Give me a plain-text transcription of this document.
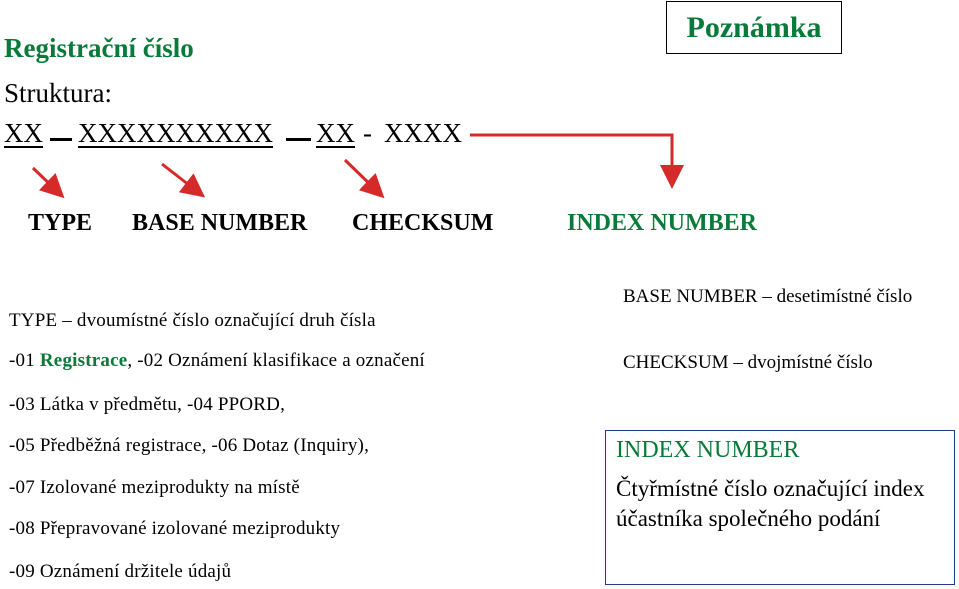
Registrační číslo
Struktura:
Poznámka
XX XXXXXXXXXX XX - XXXX
TYPE BASE NUMBER CHECKSUM	INDEX NUMBER
TYPE – dvoumístné číslo označující druh čísla
-01 Registrace, -02 Oznámení klasifikace a označení
-03 Látka v předmětu, -04 PPORD,
-05 Předběžná registrace, -06 Dotaz (Inquiry),
-07 Izolované meziprodukty na místě
-08 Přepravované izolované meziprodukty
-09 Oznámení držitele údajů
BASE NUMBER – desetimístné číslo
CHECKSUM – dvojmístné číslo
INDEX NUMBER
Čtyřmístné číslo označující index účastníka společného podání
